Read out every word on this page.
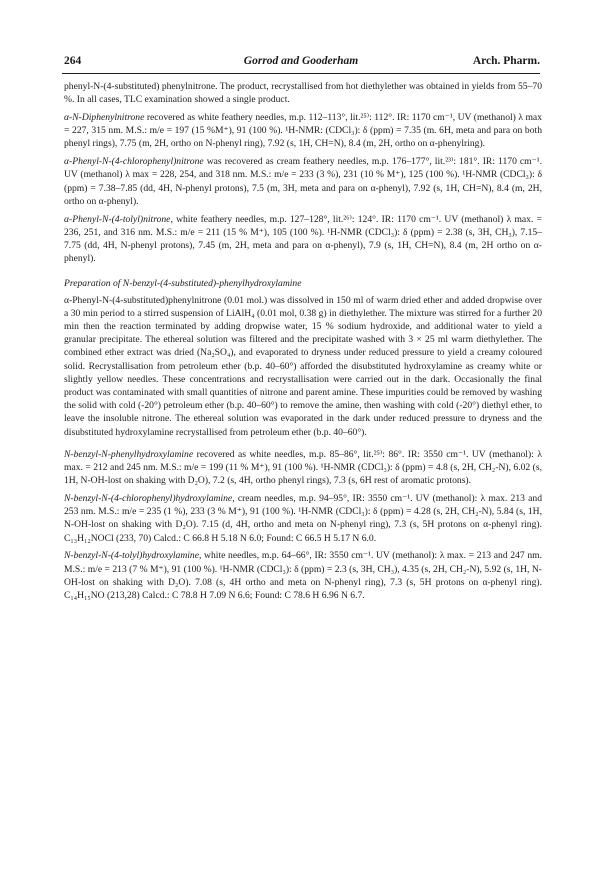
264	Gorrod and Gooderham	Arch. Pharm.

phenyl-N-(4-substituted) phenylnitrone. The product, recrystallised from hot diethylether was obtained in yields from 55–70 %. In all cases, TLC examination showed a single product.

α-N-Diphenylnitrone recovered as white feathery needles, m.p. 112–113°, lit.²⁵⁾: 112°. IR: 1170 cm⁻¹, UV (methanol) λ max = 227, 315 nm. M.S.: m/e = 197 (15 %M⁺), 91 (100 %). ¹H-NMR: (CDCl₃): δ (ppm) = 7.35 (m. 6H, meta and para on both phenyl rings), 7.75 (m, 2H, ortho on N-phenyl ring), 7.92 (s, 1H, CH=N), 8.4 (m, 2H, ortho on α-phenylring).

α-Phenyl-N-(4-chlorophenyl)nitrone was recovered as cream feathery needles, m.p. 176–177°, lit.²³⁾: 181°. IR: 1170 cm⁻¹. UV (methanol) λ max = 228, 254, and 318 nm. M.S.: m/e = 233 (3 %), 231 (10 % M⁺), 125 (100 %). ¹H-NMR (CDCl₃): δ (ppm) = 7.38–7.85 (dd, 4H, N-phenyl protons), 7.5 (m, 3H, meta and para on α-phenyl), 7.92 (s, 1H, CH=N), 8.4 (m, 2H, ortho on α-phenyl).

α-Phenyl-N-(4-tolyl)nitrone, white feathery needles, m.p. 127–128°, lit.²⁶⁾: 124°. IR: 1170 cm⁻¹. UV (methanol) λ max. = 236, 251, and 316 nm. M.S.: m/e = 211 (15 % M⁺), 105 (100 %). ¹H-NMR (CDCl₃): δ (ppm) = 2.38 (s, 3H, CH₃), 7.15–7.75 (dd, 4H, N-phenyl protons), 7.45 (m, 2H, meta and para on α-phenyl), 7.9 (s, 1H, CH=N), 8.4 (m, 2H ortho on α-phenyl).

Preparation of N-benzyl-(4-substituted)-phenylhydroxylamine

α-Phenyl-N-(4-substituted)phenylnitrone (0.01 mol.) was dissolved in 150 ml of warm dried ether and added dropwise over a 30 min period to a stirred suspension of LiAlH₄ (0.01 mol, 0.38 g) in diethylether. The mixture was stirred for a further 20 min then the reaction terminated by adding dropwise water, 15 % sodium hydroxide, and additional water to yield a granular precipitate. The ethereal solution was filtered and the precipitate washed with 3 × 25 ml warm diethylether. The combined ether extract was dried (Na₂SO₄), and evaporated to dryness under reduced pressure to yield a creamy coloured solid. Recrystallisation from petroleum ether (b.p. 40–60°) afforded the disubstituted hydroxylamine as creamy white or slightly yellow needles. These concentrations and recrystallisation were carried out in the dark. Occasionally the final product was contaminated with small quantities of nitrone and parent amine. These impurities could be removed by washing the solid with cold (-20°) petroleum ether (b.p. 40–60°) to remove the amine, then washing with cold (-20°) diethyl ether, to leave the insoluble nitrone. The ethereal solution was evaporated in the dark under reduced pressure to dryness and the disubstituted hydroxylamine recrystallised from petroleum ether (b.p. 40–60°).

N-benzyl-N-phenylhydroxylamine recovered as white needles, m.p. 85–86°, lit.²⁵⁾: 86°. IR: 3550 cm⁻¹. UV (methanol): λ max. = 212 and 245 nm. M.S.: m/e = 199 (11 % M⁺), 91 (100 %). ¹H-NMR (CDCl₃): δ (ppm) = 4.8 (s, 2H, CH₂-N), 6.02 (s, 1H, N-OH-lost on shaking with D₂O), 7.2 (s, 4H, ortho phenyl rings), 7.3 (s, 6H rest of aromatic protons).

N-benzyl-N-(4-chlorophenyl)hydroxylamine, cream needles, m.p. 94–95°, IR: 3550 cm⁻¹. UV (methanol): λ max. 213 and 253 nm. M.S.: m/e = 235 (1 %), 233 (3 % M⁺), 91 (100 %). ¹H-NMR (CDCl₃): δ (ppm) = 4.28 (s, 2H, CH₂-N), 5.84 (s, 1H, N-OH-lost on shaking with D₂O). 7.15 (d, 4H, ortho and meta on N-phenyl ring), 7.3 (s, 5H protons on α-phenyl ring). C₁₃H₁₂NOCl (233, 70) Calcd.: C 66.8 H 5.18 N 6.0; Found: C 66.5 H 5.17 N 6.0.

N-benzyl-N-(4-tolyl)hydroxylamine, white needles, m.p. 64–66°, IR: 3550 cm⁻¹. UV (methanol): λ max. = 213 and 247 nm. M.S.: m/e = 213 (7 % M⁺), 91 (100 %). ¹H-NMR (CDCl₃): δ (ppm) = 2.3 (s, 3H, CH₃), 4.35 (s, 2H, CH₂-N), 5.92 (s, 1H, N-OH-lost on shaking with D₂O). 7.08 (s, 4H ortho and meta on N-phenyl ring), 7.3 (s, 5H protons on α-phenyl ring). C₁₄H₁₅NO (213,28) Calcd.: C 78.8 H 7.09 N 6.6; Found: C 78.6 H 6.96 N 6.7.
